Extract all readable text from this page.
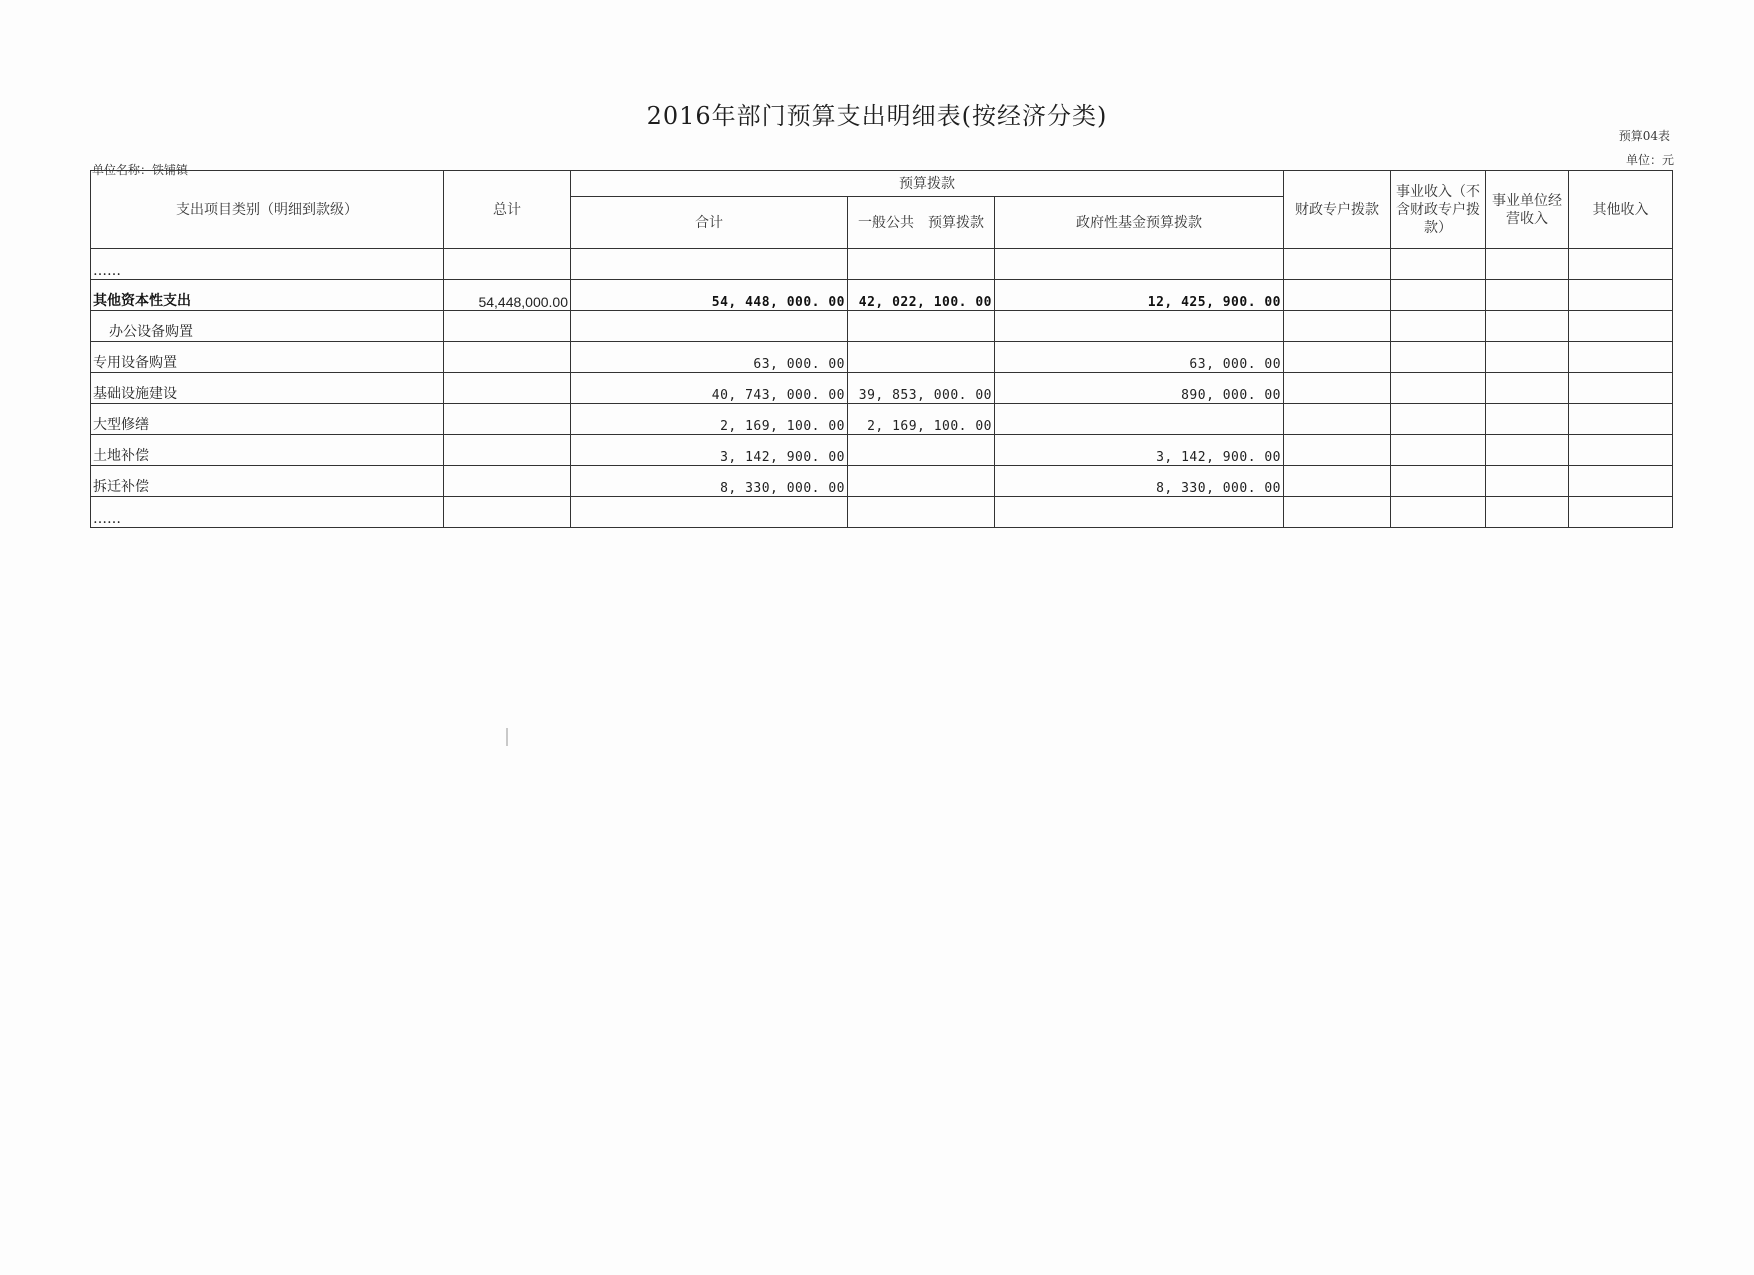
2016年部门预算支出明细表(按经济分类)
预算04表
单位：元
单位名称：铁铺镇
支出项目类别（明细到款级）	总计	预算拨款			财政专户拨款	事业收入（不含财政专户拨款）	事业单位经营收入	其他收入
		合计	一般公共　预算拨款	政府性基金预算拨款				
……								
其他资本性支出	54,448,000.00	54, 448, 000. 00	42, 022, 100. 00	12, 425, 900. 00				
办公设备购置								
专用设备购置		63, 000. 00		63, 000. 00				
基础设施建设		40, 743, 000. 00	39, 853, 000. 00	890, 000. 00				
大型修缮		2, 169, 100. 00	2, 169, 100. 00					
土地补偿		3, 142, 900. 00		3, 142, 900. 00				
拆迁补偿		8, 330, 000. 00		8, 330, 000. 00				
……								
